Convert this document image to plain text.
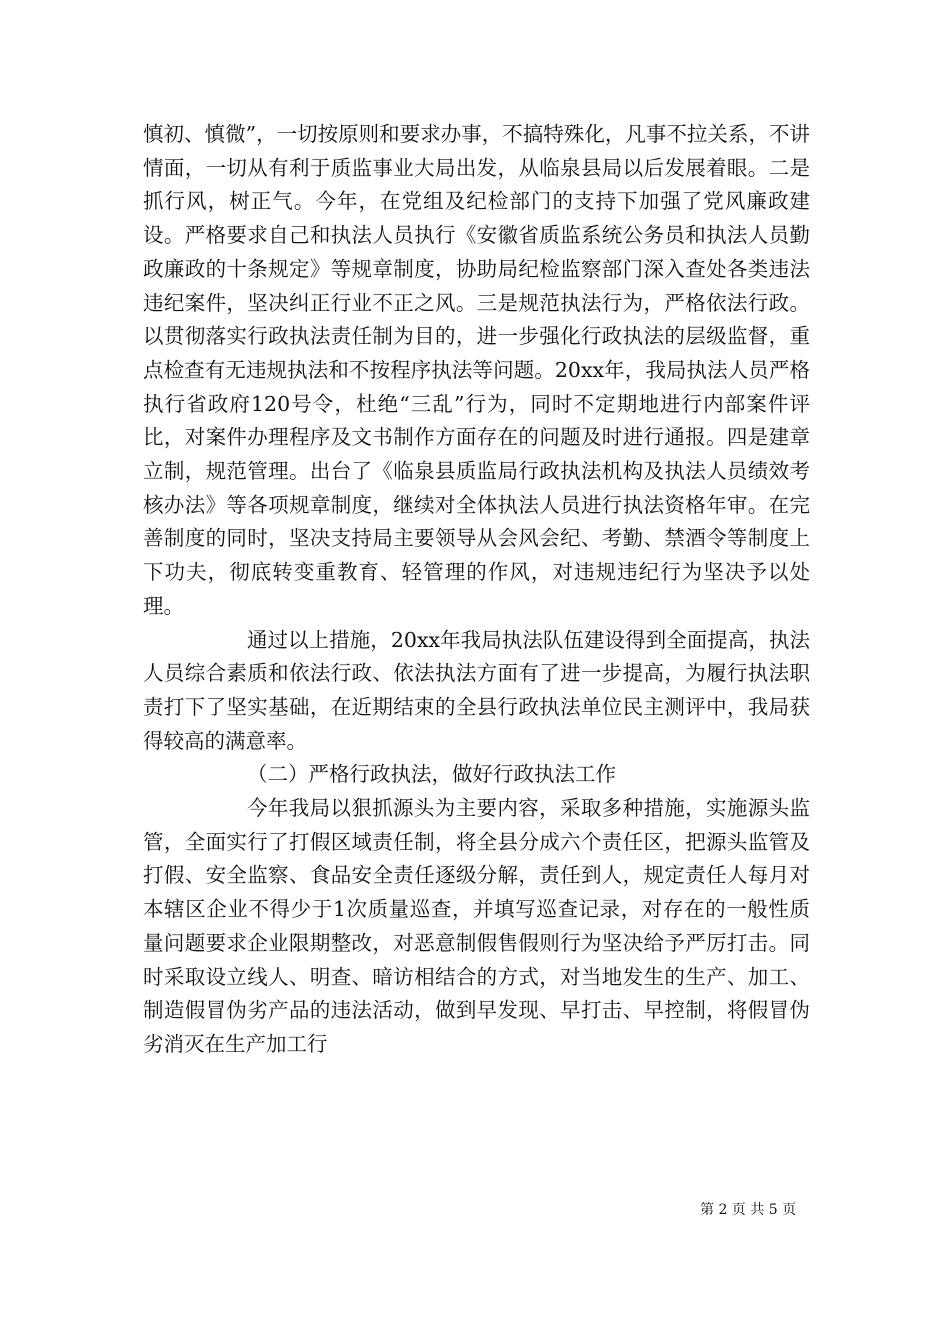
慎初、慎微”，一切按原则和要求办事，不搞特殊化，凡事不拉关系，不讲情面，一切从有利于质监事业大局出发，从临泉县局以后发展着眼。二是抓行风，树正气。今年，在党组及纪检部门的支持下加强了党风廉政建设。严格要求自己和执法人员执行《安徽省质监系统公务员和执法人员勤政廉政的十条规定》等规章制度，协助局纪检监察部门深入查处各类违法违纪案件，坚决纠正行业不正之风。三是规范执法行为，严格依法行政。以贯彻落实行政执法责任制为目的，进一步强化行政执法的层级监督，重点检查有无违规执法和不按程序执法等问题。20xx年，我局执法人员严格执行省政府120号令，杜绝“三乱”行为，同时不定期地进行内部案件评比，对案件办理程序及文书制作方面存在的问题及时进行通报。四是建章立制，规范管理。出台了《临泉县质监局行政执法机构及执法人员绩效考核办法》等各项规章制度，继续对全体执法人员进行执法资格年审。在完善制度的同时，坚决支持局主要领导从会风会纪、考勤、禁酒令等制度上下功夫，彻底转变重教育、轻管理的作风，对违规违纪行为坚决予以处理。

通过以上措施，20xx年我局执法队伍建设得到全面提高，执法人员综合素质和依法行政、依法执法方面有了进一步提高，为履行执法职责打下了坚实基础，在近期结束的全县行政执法单位民主测评中，我局获得较高的满意率。

（二）严格行政执法，做好行政执法工作

今年我局以狠抓源头为主要内容，采取多种措施，实施源头监管，全面实行了打假区域责任制，将全县分成六个责任区，把源头监管及打假、安全监察、食品安全责任逐级分解，责任到人，规定责任人每月对本辖区企业不得少于1次质量巡查，并填写巡查记录，对存在的一般性质量问题要求企业限期整改，对恶意制假售假则行为坚决给予严厉打击。同时采取设立线人、明查、暗访相结合的方式，对当地发生的生产、加工、制造假冒伪劣产品的违法活动，做到早发现、早打击、早控制，将假冒伪劣消灭在生产加工行

第 2 页 共 5 页
